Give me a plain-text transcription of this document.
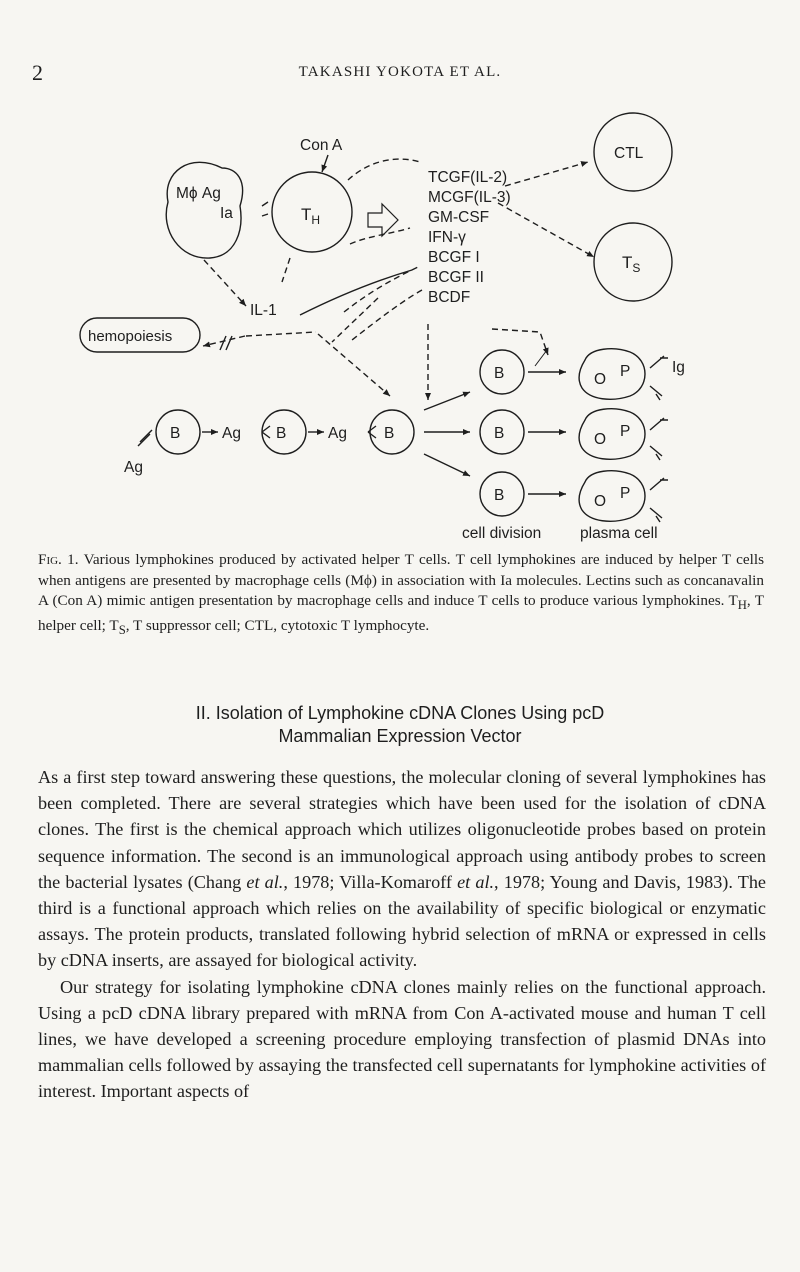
2	TAKASHI YOKOTA ET AL.
Con A
Mϕ Ag
Ia	$T_H$
IL-1
hemopoiesis
CTL
$T_S$
TCGF(IL-2)
MCGF(IL-3)
GM-CSF
IFN-γ
BCGF I
BCGF II
BCDF
Ag
Ag	Ag
B	B	B
B
B
B
O P
O P
O P
Ig
cell division plasma cell
Fig. 1. Various lymphokines produced by activated helper T cells. T cell lymphokines are induced by helper T cells when antigens are presented by macrophage cells (Mϕ) in association with Ia molecules. Lectins such as concanavalin A (Con A) mimic antigen presentation by macrophage cells and induce T cells to produce various lymphokines. $T_H$, T helper cell; $T_S$, T suppressor cell; CTL, cytotoxic T lymphocyte.
II. Isolation of Lymphokine cDNA Clones Using pcD
Mammalian Expression Vector

As a first step toward answering these questions, the molecular cloning of several lymphokines has been completed. There are several strategies which have been used for the isolation of cDNA clones. The first is the chemical approach which utilizes oligonucleotide probes based on protein sequence information. The second is an immunological approach using antibody probes to screen the bacterial lysates (Chang et al., 1978; Villa-Komaroff et al., 1978; Young and Davis, 1983). The third is a functional approach which relies on the availability of specific biological or enzymatic assays. The protein products, translated following hybrid selection of mRNA or expressed in cells by cDNA inserts, are assayed for biological activity.

Our strategy for isolating lymphokine cDNA clones mainly relies on the functional approach. Using a pcD cDNA library prepared with mRNA from Con A-activated mouse and human T cell lines, we have developed a screening procedure employing transfection of plasmid DNAs into mammalian cells followed by assaying the transfected cell supernatants for lymphokine activities of interest. Important aspects of
